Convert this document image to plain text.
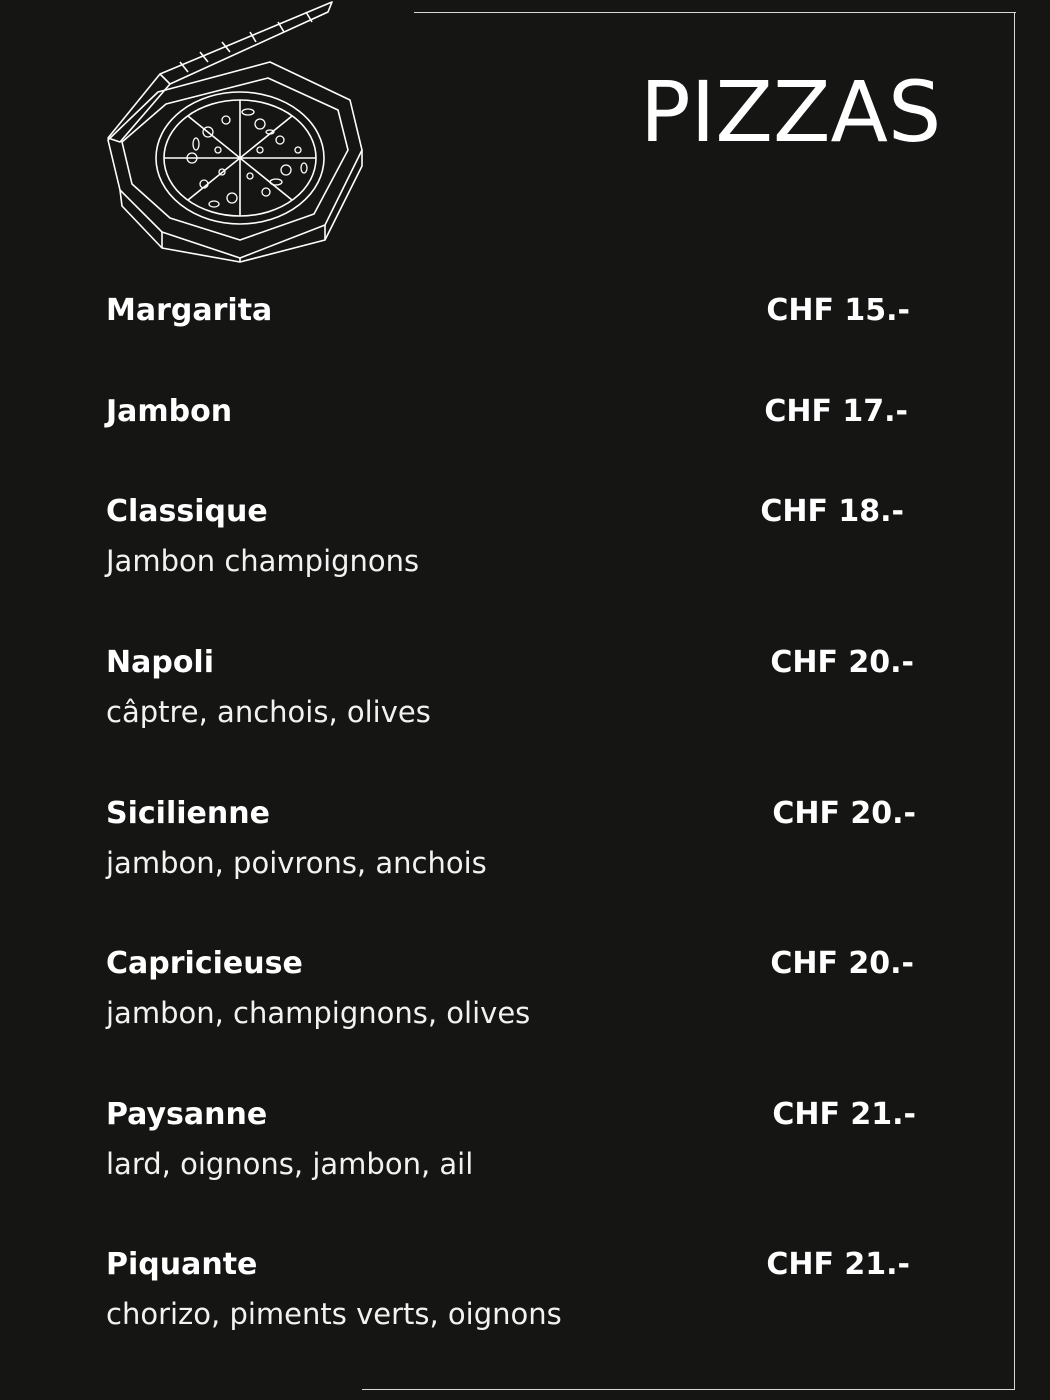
PIZZAS
Margarita	CHF 15.-
Jambon	CHF 17.-
Classique	CHF 18.-
Jambon champignons
Napoli	CHF 20.-
câptre, anchois, olives
Sicilienne	CHF 20.-
jambon, poivrons, anchois
Capricieuse	CHF 20.-
jambon, champignons, olives
Paysanne	CHF 21.-
lard, oignons, jambon, ail
Piquante	CHF 21.-
chorizo, piments verts, oignons
